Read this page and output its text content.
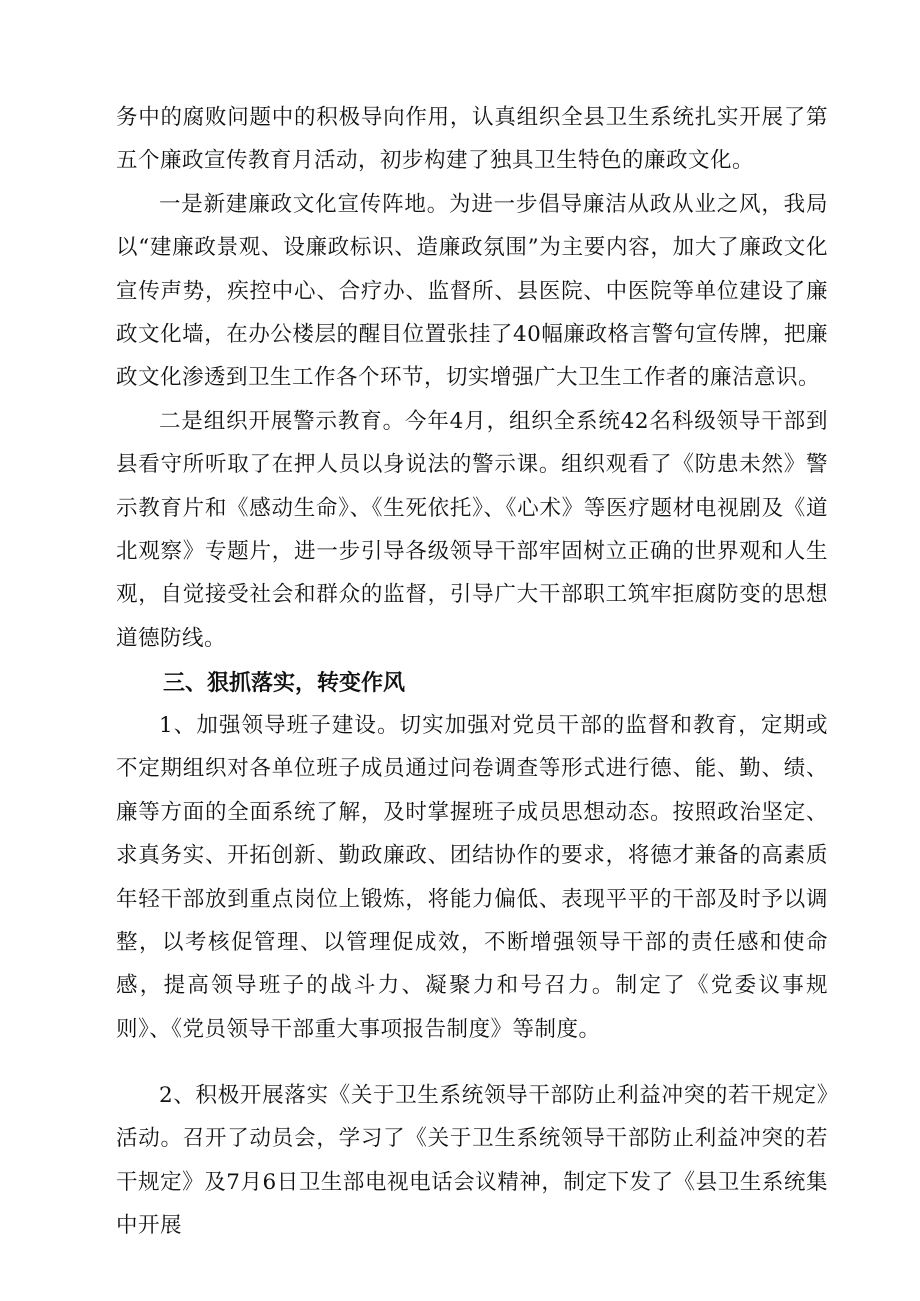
务中的腐败问题中的积极导向作用，认真组织全县卫生系统扎实开展了第五个廉政宣传教育月活动，初步构建了独具卫生特色的廉政文化。

一是新建廉政文化宣传阵地。为进一步倡导廉洁从政从业之风，我局以“建廉政景观、设廉政标识、造廉政氛围”为主要内容，加大了廉政文化宣传声势，疾控中心、合疗办、监督所、县医院、中医院等单位建设了廉政文化墙，在办公楼层的醒目位置张挂了40幅廉政格言警句宣传牌，把廉政文化渗透到卫生工作各个环节，切实增强广大卫生工作者的廉洁意识。

二是组织开展警示教育。今年4月，组织全系统42名科级领导干部到县看守所听取了在押人员以身说法的警示课。组织观看了《防患未然》警示教育片和《感动生命》、《生死依托》、《心术》等医疗题材电视剧及《道北观察》专题片，进一步引导各级领导干部牢固树立正确的世界观和人生观，自觉接受社会和群众的监督，引导广大干部职工筑牢拒腐防变的思想道德防线。

三、狠抓落实，转变作风

1、加强领导班子建设。切实加强对党员干部的监督和教育，定期或不定期组织对各单位班子成员通过问卷调查等形式进行德、能、勤、绩、廉等方面的全面系统了解，及时掌握班子成员思想动态。按照政治坚定、求真务实、开拓创新、勤政廉政、团结协作的要求，将德才兼备的高素质年轻干部放到重点岗位上锻炼，将能力偏低、表现平平的干部及时予以调整，以考核促管理、以管理促成效，不断增强领导干部的责任感和使命感，提高领导班子的战斗力、凝聚力和号召力。制定了《党委议事规则》、《党员领导干部重大事项报告制度》等制度。

2、积极开展落实《关于卫生系统领导干部防止利益冲突的若干规定》活动。召开了动员会，学习了《关于卫生系统领导干部防止利益冲突的若干规定》及7月6日卫生部电视电话会议精神，制定下发了《县卫生系统集中开展
